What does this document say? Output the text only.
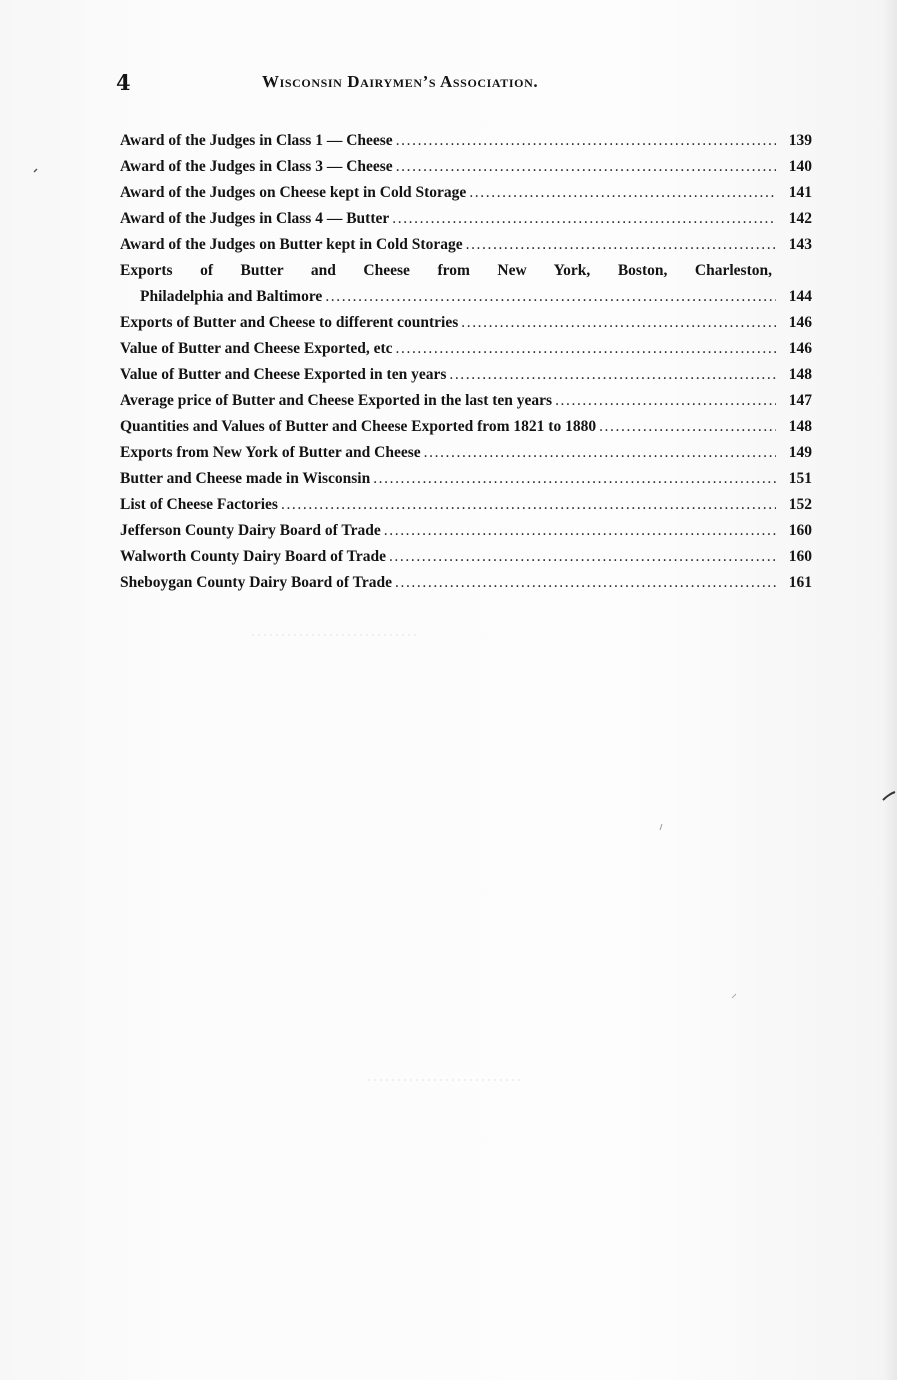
4	Wisconsin Dairymen’s Association.
Award of the Judges in Class 1 — Cheese .....	139
Award of the Judges in Class 3 — Cheese .....	140
Award of the Judges on Cheese kept in Cold Storage .....	141
Award of the Judges in Class 4 — Butter .....	142
Award of the Judges on Butter kept in Cold Storage .....	143
Exports of Butter and Cheese from New York, Boston, Charleston,
Philadelphia and Baltimore .....	144
Exports of Butter and Cheese to different countries .....	146
Value of Butter and Cheese Exported, etc .....	146
Value of Butter and Cheese Exported in ten years .....	148
Average price of Butter and Cheese Exported in the last ten years .....	147
Quantities and Values of Butter and Cheese Exported from 1821 to 1880 .....	148
Exports from New York of Butter and Cheese .....	149
Butter and Cheese made in Wisconsin .....	151
List of Cheese Factories .....	152
Jefferson County Dairy Board of Trade .....	160
Walworth County Dairy Board of Trade .....	160
Sheboygan County Dairy Board of Trade .....	161
